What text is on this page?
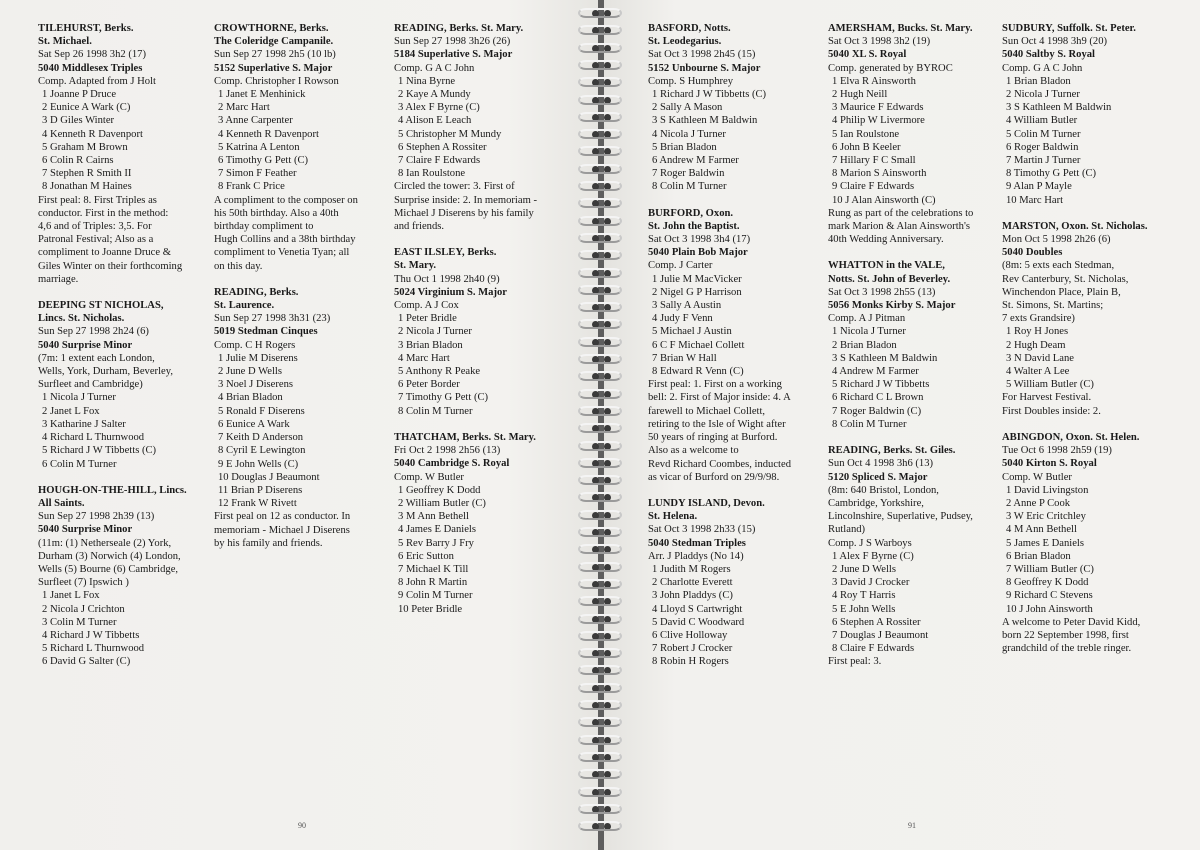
TILEHURST, Berks.
St. Michael.
Sat Sep 26 1998 3h2 (17)
5040 Middlesex Triples
Comp. Adapted from J Holt
1 Joanne P Druce
2 Eunice A Wark (C)
3 D Giles Winter
4 Kenneth R Davenport
5 Graham M Brown
6 Colin R Cairns
7 Stephen R Smith II
8 Jonathan M Haines
First peal: 8. First Triples as
conductor. First in the method:
4,6 and of Triples: 3,5. For
Patronal Festival; Also as a
compliment to Joanne Druce &
Giles Winter on their forthcoming
marriage.
DEEPING ST NICHOLAS,
Lincs. St. Nicholas.
Sun Sep 27 1998 2h24 (6)
5040 Surprise Minor
(7m: 1 extent each London,
Wells, York, Durham, Beverley,
Surfleet and Cambridge)
1 Nicola J Turner
2 Janet L Fox
3 Katharine J Salter
4 Richard L Thurnwood
5 Richard J W Tibbetts (C)
6 Colin M Turner
HOUGH-ON-THE-HILL, Lincs.
All Saints.
Sun Sep 27 1998 2h39 (13)
5040 Surprise Minor
(11m: (1) Netherseale (2) York,
Durham (3) Norwich (4) London,
Wells (5) Bourne (6) Cambridge,
Surfleet (7) Ipswich )
1 Janet L Fox
2 Nicola J Crichton
3 Colin M Turner
4 Richard J W Tibbetts
5 Richard L Thurnwood
6 David G Salter (C)
CROWTHORNE, Berks.
The Coleridge Campanile.
Sun Sep 27 1998 2h5 (10 lb)
5152 Superlative S. Major
Comp. Christopher I Rowson
1 Janet E Menhinick
2 Marc Hart
3 Anne Carpenter
4 Kenneth R Davenport
5 Katrina A Lenton
6 Timothy G Pett (C)
7 Simon F Feather
8 Frank C Price
A compliment to the composer on
his 50th birthday. Also a 40th
birthday compliment to
Hugh Collins and a 38th birthday
compliment to Venetia Tyan; all
on this day.
READING, Berks.
St. Laurence.
Sun Sep 27 1998 3h31 (23)
5019 Stedman Cinques
Comp. C H Rogers
1 Julie M Diserens
2 June D Wells
3 Noel J Diserens
4 Brian Bladon
5 Ronald F Diserens
6 Eunice A Wark
7 Keith D Anderson
8 Cyril E Lewington
9 E John Wells (C)
10 Douglas J Beaumont
11 Brian P Diserens
12 Frank W Rivett
First peal on 12 as conductor. In
memoriam - Michael J Diserens
by his family and friends.
READING, Berks. St. Mary.
Sun Sep 27 1998 3h26 (26)
5184 Superlative S. Major
Comp. G A C John
1 Nina Byrne
2 Kaye A Mundy
3 Alex F Byrne (C)
4 Alison E Leach
5 Christopher M Mundy
6 Stephen A Rossiter
7 Claire F Edwards
8 Ian Roulstone
Circled the tower: 3. First of
Surprise inside: 2. In memoriam -
Michael J Diserens by his family
and friends.
EAST ILSLEY, Berks.
St. Mary.
Thu Oct 1 1998 2h40 (9)
5024 Virginium S. Major
Comp. A J Cox
1 Peter Bridle
2 Nicola J Turner
3 Brian Bladon
4 Marc Hart
5 Anthony R Peake
6 Peter Border
7 Timothy G Pett (C)
8 Colin M Turner
THATCHAM, Berks. St. Mary.
Fri Oct 2 1998 2h56 (13)
5040 Cambridge S. Royal
Comp. W Butler
1 Geoffrey K Dodd
2 William Butler (C)
3 M Ann Bethell
4 James E Daniels
5 Rev Barry J Fry
6 Eric Sutton
7 Michael K Till
8 John R Martin
9 Colin M Turner
10 Peter Bridle
90
BASFORD, Notts.
St. Leodegarius.
Sat Oct 3 1998 2h45 (15)
5152 Unbourne S. Major
Comp. S Humphrey
1 Richard J W Tibbetts (C)
2 Sally A Mason
3 S Kathleen M Baldwin
4 Nicola J Turner
5 Brian Bladon
6 Andrew M Farmer
7 Roger Baldwin
8 Colin M Turner
BURFORD, Oxon.
St. John the Baptist.
Sat Oct 3 1998 3h4 (17)
5040 Plain Bob Major
Comp. J Carter
1 Julie M MacVicker
2 Nigel G P Harrison
3 Sally A Austin
4 Judy F Venn
5 Michael J Austin
6 C F Michael Collett
7 Brian W Hall
8 Edward R Venn (C)
First peal: 1. First on a working
bell: 2. First of Major inside: 4. A
farewell to Michael Collett,
retiring to the Isle of Wight after
50 years of ringing at Burford.
Also as a welcome to
Revd Richard Coombes, inducted
as vicar of Burford on 29/9/98.
LUNDY ISLAND, Devon.
St. Helena.
Sat Oct 3 1998 2h33 (15)
5040 Stedman Triples
Arr. J Pladdys (No 14)
1 Judith M Rogers
2 Charlotte Everett
3 John Pladdys (C)
4 Lloyd S Cartwright
5 David C Woodward
6 Clive Holloway
7 Robert J Crocker
8 Robin H Rogers
AMERSHAM, Bucks. St. Mary.
Sat Oct 3 1998 3h2 (19)
5040 XL S. Royal
Comp. generated by BYROC
1 Elva R Ainsworth
2 Hugh Neill
3 Maurice F Edwards
4 Philip W Livermore
5 Ian Roulstone
6 John B Keeler
7 Hillary F C Small
8 Marion S Ainsworth
9 Claire F Edwards
10 J Alan Ainsworth (C)
Rung as part of the celebrations to
mark Marion & Alan Ainsworth's
40th Wedding Anniversary.
WHATTON in the VALE,
Notts. St. John of Beverley.
Sat Oct 3 1998 2h55 (13)
5056 Monks Kirby S. Major
Comp. A J Pitman
1 Nicola J Turner
2 Brian Bladon
3 S Kathleen M Baldwin
4 Andrew M Farmer
5 Richard J W Tibbetts
6 Richard C L Brown
7 Roger Baldwin (C)
8 Colin M Turner
READING, Berks. St. Giles.
Sun Oct 4 1998 3h6 (13)
5120 Spliced S. Major
(8m: 640 Bristol, London,
Cambridge, Yorkshire,
Lincolnshire, Superlative, Pudsey,
Rutland)
Comp. J S Warboys
1 Alex F Byrne (C)
2 June D Wells
3 David J Crocker
4 Roy T Harris
5 E John Wells
6 Stephen A Rossiter
7 Douglas J Beaumont
8 Claire F Edwards
First peal: 3.
SUDBURY, Suffolk. St. Peter.
Sun Oct 4 1998 3h9 (20)
5040 Saltby S. Royal
Comp. G A C John
1 Brian Bladon
2 Nicola J Turner
3 S Kathleen M Baldwin
4 William Butler
5 Colin M Turner
6 Roger Baldwin
7 Martin J Turner
8 Timothy G Pett (C)
9 Alan P Mayle
10 Marc Hart
MARSTON, Oxon. St. Nicholas.
Mon Oct 5 1998 2h26 (6)
5040 Doubles
(8m: 5 exts each Stedman,
Rev Canterbury, St. Nicholas,
Winchendon Place, Plain B,
St. Simons, St. Martins;
7 exts Grandsire)
1 Roy H Jones
2 Hugh Deam
3 N David Lane
4 Walter A Lee
5 William Butler (C)
For Harvest Festival.
First Doubles inside: 2.
ABINGDON, Oxon. St. Helen.
Tue Oct 6 1998 2h59 (19)
5040 Kirton S. Royal
Comp. W Butler
1 David Livingston
2 Anne P Cook
3 W Eric Critchley
4 M Ann Bethell
5 James E Daniels
6 Brian Bladon
7 William Butler (C)
8 Geoffrey K Dodd
9 Richard C Stevens
10 J John Ainsworth
A welcome to Peter David Kidd,
born 22 September 1998, first
grandchild of the treble ringer.
91
